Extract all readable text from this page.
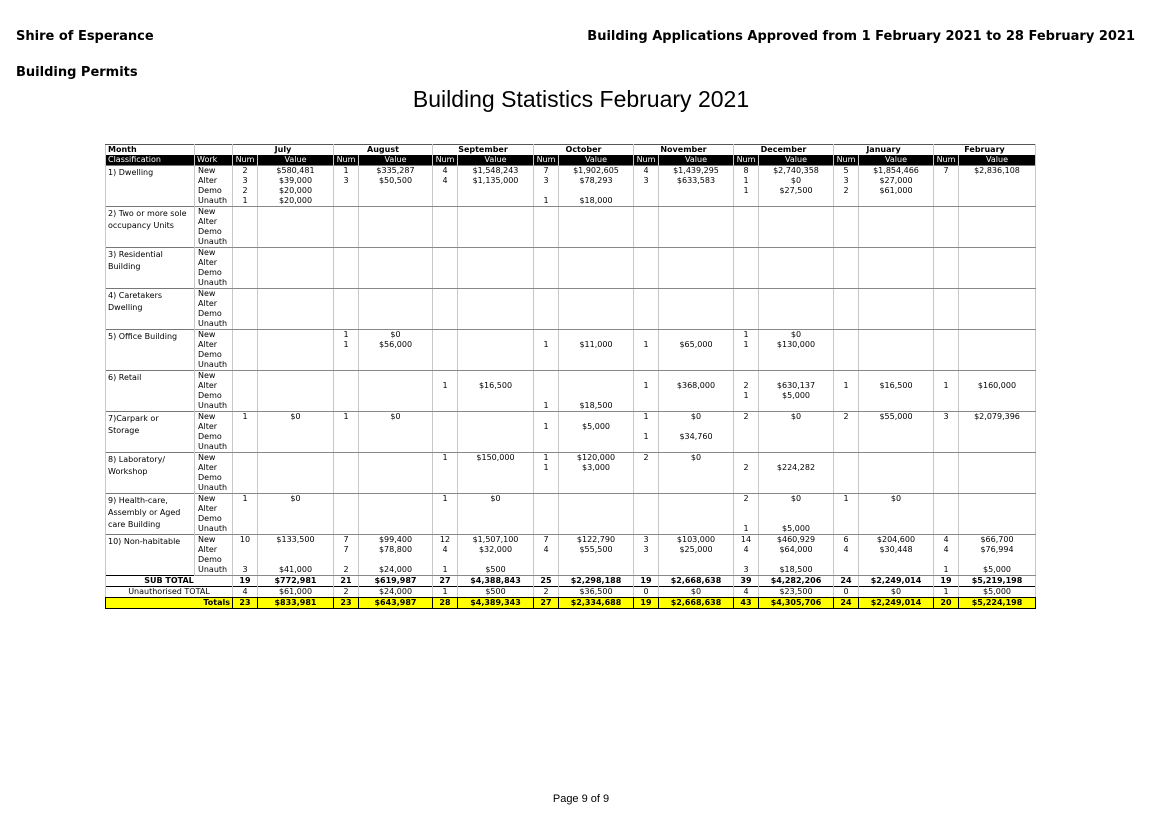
Shire of Esperance	Building Applications Approved from 1 February 2021 to 28 February 2021
Building Permits
Building Statistics February 2021
Month		July		August		September		October		November		December		January		February	
Classification	Work	Num	Value	Num	Value	Num	Value	Num	Value	Num	Value	Num	Value	Num	Value	Num	Value
1) Dwelling	New	2	$580,481	1	$335,287	4	$1,548,243	7	$1,902,605	4	$1,439,295	8	$2,740,358	5	$1,854,466	7	$2,836,108
	Alter	3	$39,000	3	$50,500	4	$1,135,000	3	$78,293	3	$633,583	1	$0	3	$27,000		
	Demo	2	$20,000									1	$27,500	2	$61,000		
	Unauth	1	$20,000					1	$18,000								
2) Two or more sole occupancy Units	New																
	Alter																
	Demo																
	Unauth																
3) Residential Building	New																
	Alter																
	Demo																
	Unauth																
4) Caretakers Dwelling	New																
	Alter																
	Demo																
	Unauth																
5) Office Building	New			1	$0							1	$0				
	Alter			1	$56,000			1	$11,000	1	$65,000	1	$130,000				
	Demo																
	Unauth																
6) Retail	New																
	Alter					1	$16,500			1	$368,000	2	$630,137	1	$16,500	1	$160,000
	Demo											1	$5,000				
	Unauth							1	$18,500								
7)Carpark or Storage	New	1	$0	1	$0					1	$0	2	$0	2	$55,000	3	$2,079,396
	Alter							1	$5,000								
	Demo									1	$34,760						
	Unauth																
8) Laboratory/ Workshop	New					1	$150,000	1	$120,000	2	$0						
	Alter							1	$3,000			2	$224,282				
	Demo																
	Unauth																
9) Health-care, Assembly or Aged care Building	New	1	$0			1	$0					2	$0	1	$0		
	Alter																
	Demo																
	Unauth											1	$5,000				
10) Non-habitable	New	10	$133,500	7	$99,400	12	$1,507,100	7	$122,790	3	$103,000	14	$460,929	6	$204,600	4	$66,700
	Alter			7	$78,800	4	$32,000	4	$55,500	3	$25,000	4	$64,000	4	$30,448	4	$76,994
	Demo																
	Unauth	3	$41,000	2	$24,000	1	$500					3	$18,500			1	$5,000
SUB TOTAL		19	$772,981	21	$619,987	27	$4,388,843	25	$2,298,188	19	$2,668,638	39	$4,282,206	24	$2,249,014	19	$5,219,198
Unauthorised TOTAL		4	$61,000	2	$24,000	1	$500	2	$36,500	0	$0	4	$23,500	0	$0	1	$5,000
Totals		23	$833,981	23	$643,987	28	$4,389,343	27	$2,334,688	19	$2,668,638	43	$4,305,706	24	$2,249,014	20	$5,224,198
Page 9 of 9
